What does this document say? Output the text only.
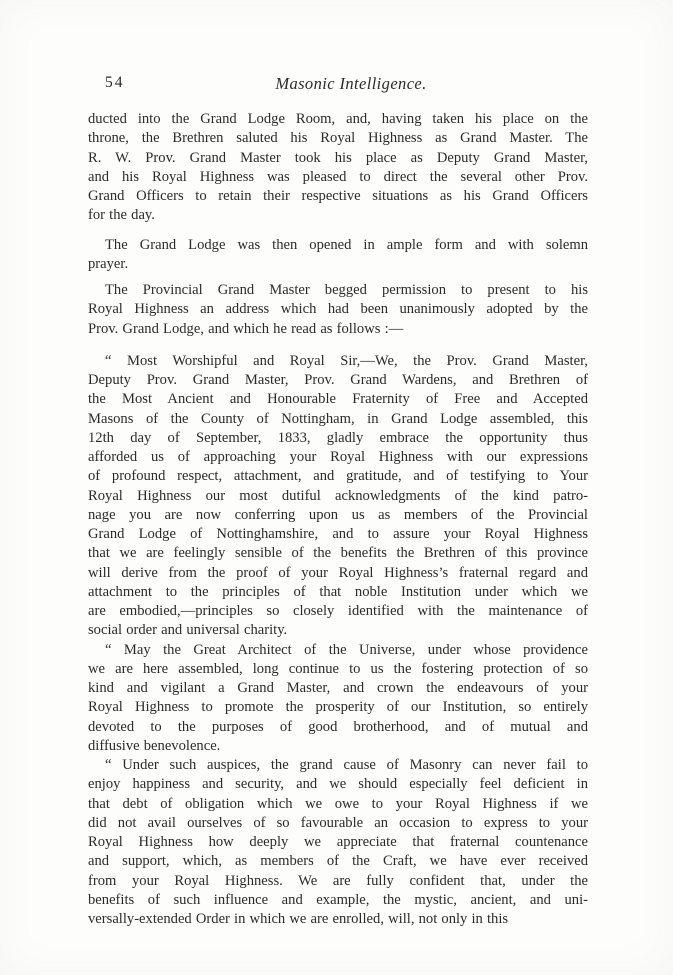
54	Masonic Intelligence.
ducted into the Grand Lodge Room, and, having taken his place on the
throne, the Brethren saluted his Royal Highness as Grand Master. The
R. W. Prov. Grand Master took his place as Deputy Grand Master,
and his Royal Highness was pleased to direct the several other Prov.
Grand Officers to retain their respective situations as his Grand Officers
for the day.
The Grand Lodge was then opened in ample form and with solemn
prayer.
The Provincial Grand Master begged permission to present to his
Royal Highness an address which had been unanimously adopted by the
Prov. Grand Lodge, and which he read as follows :—
“ Most Worshipful and Royal Sir,—We, the Prov. Grand Master,
Deputy Prov. Grand Master, Prov. Grand Wardens, and Brethren of
the Most Ancient and Honourable Fraternity of Free and Accepted
Masons of the County of Nottingham, in Grand Lodge assembled, this
12th day of September, 1833, gladly embrace the opportunity thus
afforded us of approaching your Royal Highness with our expressions
of profound respect, attachment, and gratitude, and of testifying to Your
Royal Highness our most dutiful acknowledgments of the kind patro-
nage you are now conferring upon us as members of the Provincial
Grand Lodge of Nottinghamshire, and to assure your Royal Highness
that we are feelingly sensible of the benefits the Brethren of this province
will derive from the proof of your Royal Highness’s fraternal regard and
attachment to the principles of that noble Institution under which we
are embodied,—principles so closely identified with the maintenance of
social order and universal charity.
“ May the Great Architect of the Universe, under whose providence
we are here assembled, long continue to us the fostering protection of so
kind and vigilant a Grand Master, and crown the endeavours of your
Royal Highness to promote the prosperity of our Institution, so entirely
devoted to the purposes of good brotherhood, and of mutual and
diffusive benevolence.
“ Under such auspices, the grand cause of Masonry can never fail to
enjoy happiness and security, and we should especially feel deficient in
that debt of obligation which we owe to your Royal Highness if we
did not avail ourselves of so favourable an occasion to express to your
Royal Highness how deeply we appreciate that fraternal countenance
and support, which, as members of the Craft, we have ever received
from your Royal Highness. We are fully confident that, under the
benefits of such influence and example, the mystic, ancient, and uni-
versally-extended Order in which we are enrolled, will, not only in this
